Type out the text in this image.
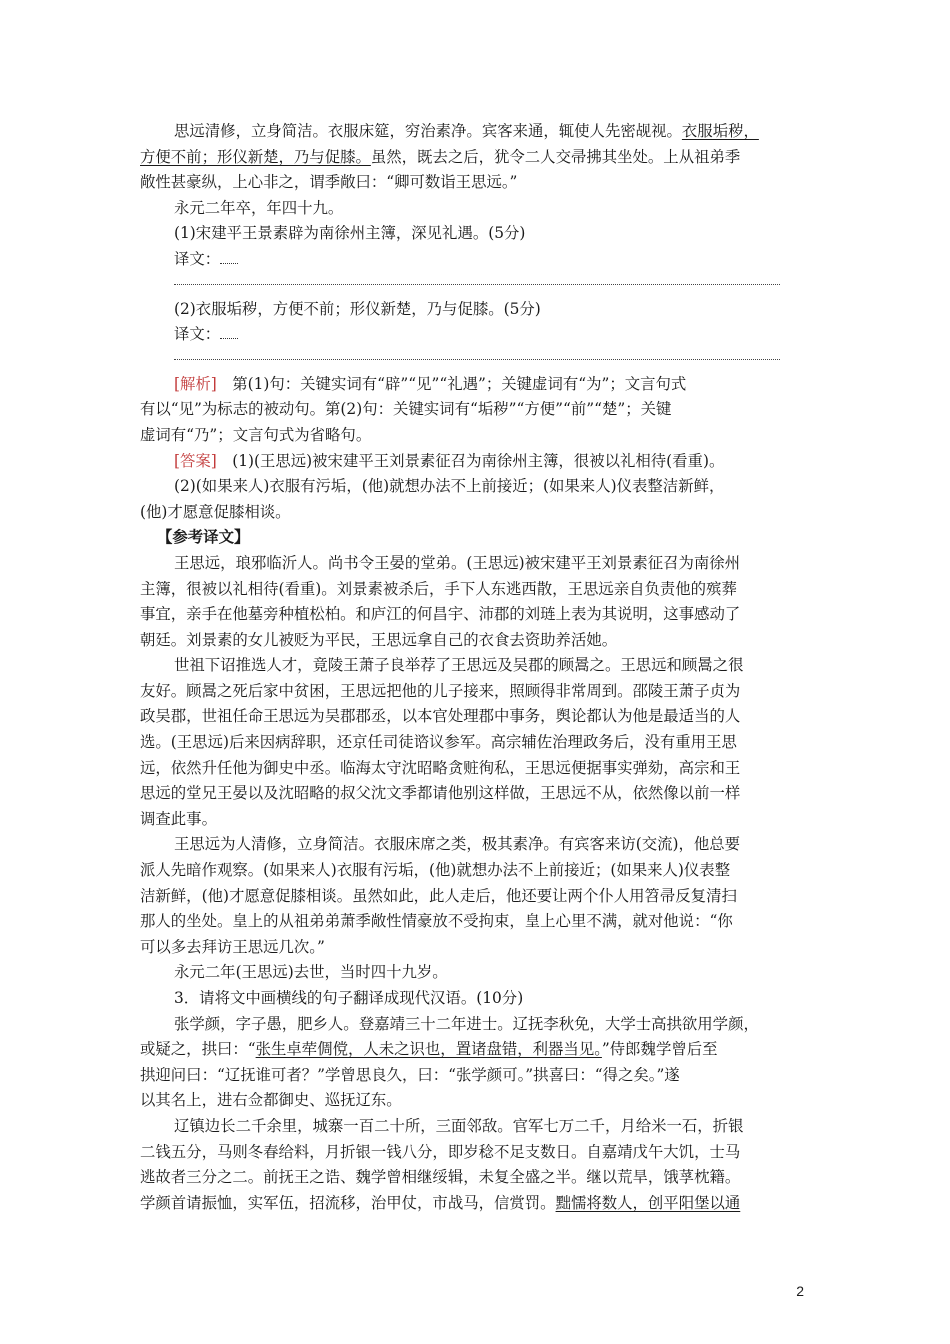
思远清修，立身简洁。衣服床筵，穷治素净。宾客来通，辄使人先密觇视。衣服垢秽，

方便不前；形仪新楚，乃与促膝。虽然，既去之后，犹令二人交帚拂其坐处。上从祖弟季

敞性甚豪纵，上心非之，谓季敞曰：“卿可数诣王思远。”

永元二年卒，年四十九。

(1)宋建平王景素辟为南徐州主簿，深见礼遇。(5分)

译文：

(2)衣服垢秽，方便不前；形仪新楚，乃与促膝。(5分)

译文：

[解析]　第(1)句：关键实词有“辟”“见”“礼遇”；关键虚词有“为”；文言句式

有以“见”为标志的被动句。第(2)句：关键实词有“垢秽”“方便”“前”“楚”；关键

虚词有“乃”；文言句式为省略句。

[答案]　(1)(王思远)被宋建平王刘景素征召为南徐州主簿，很被以礼相待(看重)。

(2)(如果来人)衣服有污垢，(他)就想办法不上前接近；(如果来人)仪表整洁新鲜，

(他)才愿意促膝相谈。

【参考译文】

王思远，琅邪临沂人。尚书令王晏的堂弟。(王思远)被宋建平王刘景素征召为南徐州

主簿，很被以礼相待(看重)。刘景素被杀后，手下人东逃西散，王思远亲自负责他的殡葬

事宜，亲手在他墓旁种植松柏。和庐江的何昌宇、沛郡的刘琏上表为其说明，这事感动了

朝廷。刘景素的女儿被贬为平民，王思远拿自己的衣食去资助养活她。

世祖下诏推选人才，竟陵王萧子良举荐了王思远及吴郡的顾暠之。王思远和顾暠之很

友好。顾暠之死后家中贫困，王思远把他的儿子接来，照顾得非常周到。邵陵王萧子贞为

政吴郡，世祖任命王思远为吴郡郡丞，以本官处理郡中事务，舆论都认为他是最适当的人

选。(王思远)后来因病辞职，还京任司徒谘议参军。高宗辅佐治理政务后，没有重用王思

远，依然升任他为御史中丞。临海太守沈昭略贪赃徇私，王思远便据事实弹劾，高宗和王

思远的堂兄王晏以及沈昭略的叔父沈文季都请他别这样做，王思远不从，依然像以前一样

调查此事。

王思远为人清修，立身简洁。衣服床席之类，极其素净。有宾客来访(交流)，他总要

派人先暗作观察。(如果来人)衣服有污垢，(他)就想办法不上前接近；(如果来人)仪表整

洁新鲜，(他)才愿意促膝相谈。虽然如此，此人走后，他还要让两个仆人用笤帚反复清扫

那人的坐处。皇上的从祖弟弟萧季敞性情豪放不受拘束，皇上心里不满，就对他说：“你

可以多去拜访王思远几次。”

永元二年(王思远)去世，当时四十九岁。

3．请将文中画横线的句子翻译成现代汉语。(10分)

张学颜，字子愚，肥乡人。登嘉靖三十二年进士。辽抚李秋免，大学士高拱欲用学颜，

或疑之，拱曰：“张生卓荦倜傥，人未之识也，置诸盘错，利器当见。”侍郎魏学曾后至

拱迎问曰：“辽抚谁可者？”学曾思良久，曰：“张学颜可。”拱喜曰：“得之矣。”遂

以其名上，进右佥都御史、巡抚辽东。

辽镇边长二千余里，城寨一百二十所，三面邻敌。官军七万二千，月给米一石，折银

二钱五分，马则冬春给料，月折银一钱八分，即岁稔不足支数日。自嘉靖戊午大饥，士马

逃故者三分之二。前抚王之诰、魏学曾相继绥辑，未复全盛之半。继以荒旱，饿莩枕籍。

学颜首请振恤，实军伍，招流移，治甲仗，市战马，信赏罚。黜懦将数人，创平阳堡以通

2
